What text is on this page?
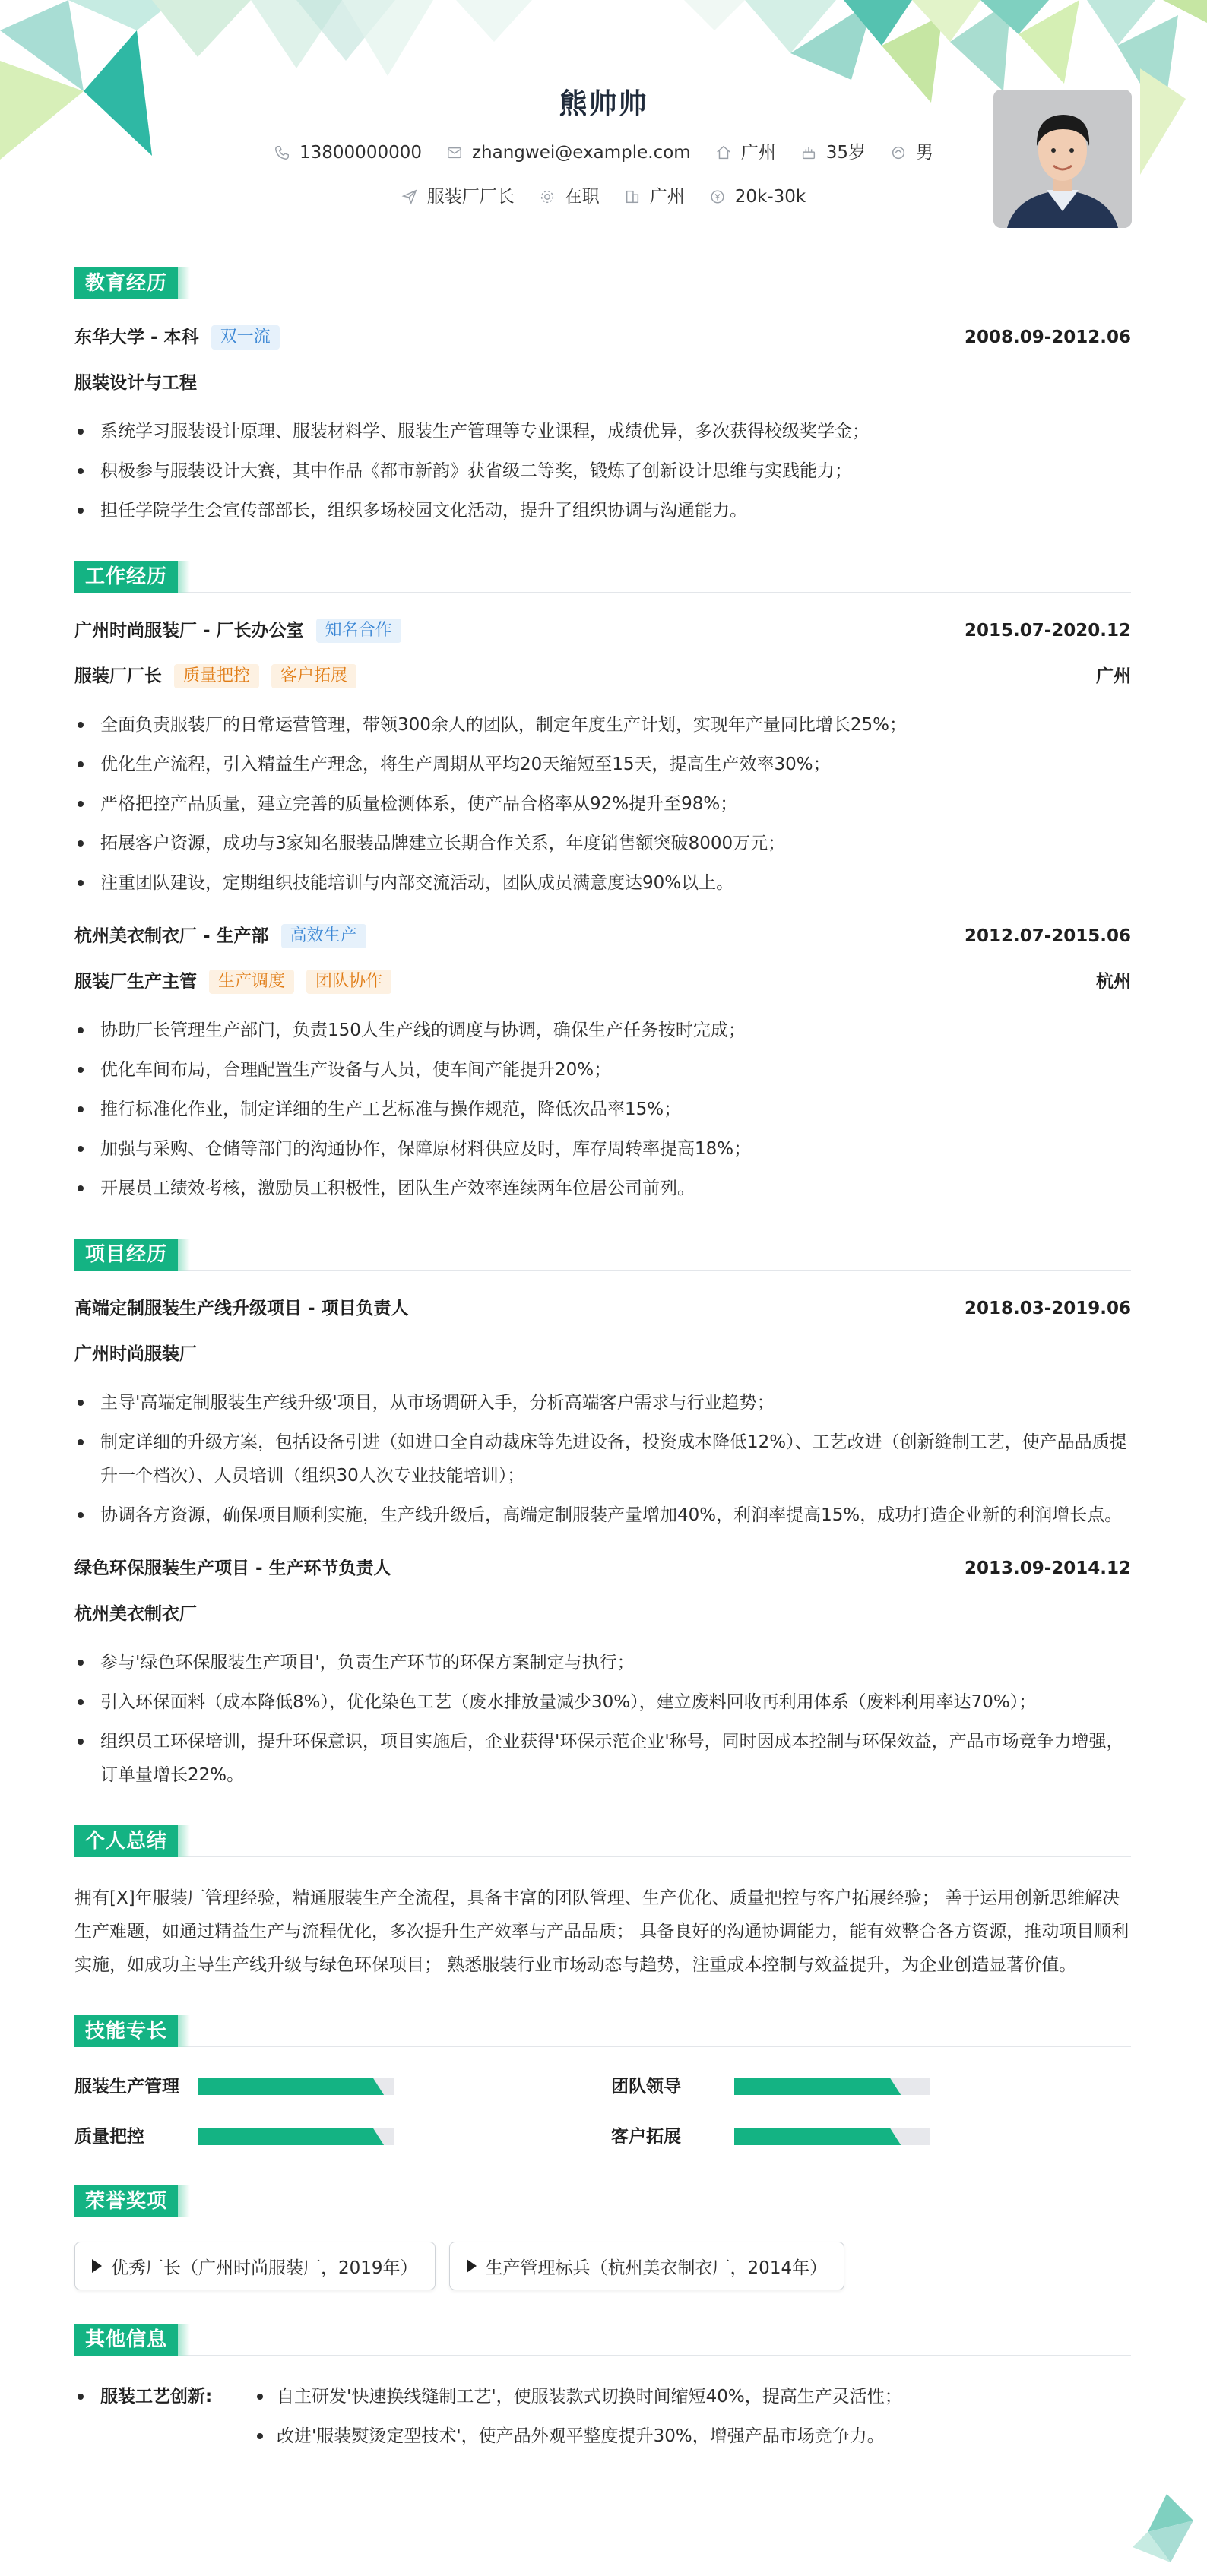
熊帅帅
13800000000	zhangwei@example.com	广州	35岁	男
服装厂厂长	在职	广州	20k-30k
教育经历
东华大学 - 本科	双一流	2008.09-2012.06
服装设计与工程
系统学习服装设计原理、服装材料学、服装生产管理等专业课程，成绩优异，多次获得校级奖学金；
积极参与服装设计大赛，其中作品《都市新韵》获省级二等奖，锻炼了创新设计思维与实践能力；
担任学院学生会宣传部部长，组织多场校园文化活动，提升了组织协调与沟通能力。
工作经历
广州时尚服装厂 - 厂长办公室	知名合作	2015.07-2020.12
服装厂厂长	质量把控	客户拓展	广州
全面负责服装厂的日常运营管理，带领300余人的团队，制定年度生产计划，实现年产量同比增长25%；
优化生产流程，引入精益生产理念，将生产周期从平均20天缩短至15天，提高生产效率30%；
严格把控产品质量，建立完善的质量检测体系，使产品合格率从92%提升至98%；
拓展客户资源，成功与3家知名服装品牌建立长期合作关系，年度销售额突破8000万元；
注重团队建设，定期组织技能培训与内部交流活动，团队成员满意度达90%以上。
杭州美衣制衣厂 - 生产部	高效生产	2012.07-2015.06
服装厂生产主管	生产调度	团队协作	杭州
协助厂长管理生产部门，负责150人生产线的调度与协调，确保生产任务按时完成；
优化车间布局，合理配置生产设备与人员，使车间产能提升20%；
推行标准化作业，制定详细的生产工艺标准与操作规范，降低次品率15%；
加强与采购、仓储等部门的沟通协作，保障原材料供应及时，库存周转率提高18%；
开展员工绩效考核，激励员工积极性，团队生产效率连续两年位居公司前列。
项目经历
高端定制服装生产线升级项目 - 项目负责人	2018.03-2019.06
广州时尚服装厂
主导'高端定制服装生产线升级'项目，从市场调研入手，分析高端客户需求与行业趋势；
制定详细的升级方案，包括设备引进（如进口全自动裁床等先进设备，投资成本降低12%）、工艺改进（创新缝制工艺，使产品品质提升一个档次）、人员培训（组织30人次专业技能培训）；
协调各方资源，确保项目顺利实施，生产线升级后，高端定制服装产量增加40%，利润率提高15%，成功打造企业新的利润增长点。
绿色环保服装生产项目 - 生产环节负责人	2013.09-2014.12
杭州美衣制衣厂
参与'绿色环保服装生产项目'，负责生产环节的环保方案制定与执行；
引入环保面料（成本降低8%），优化染色工艺（废水排放量减少30%），建立废料回收再利用体系（废料利用率达70%）；
组织员工环保培训，提升环保意识，项目实施后，企业获得'环保示范企业'称号，同时因成本控制与环保效益，产品市场竞争力增强，订单量增长22%。
个人总结

拥有[X]年服装厂管理经验，精通服装生产全流程，具备丰富的团队管理、生产优化、质量把控与客户拓展经验； 善于运用创新思维解决生产难题，如通过精益生产与流程优化，多次提升生产效率与产品品质； 具备良好的沟通协调能力，能有效整合各方资源，推动项目顺利实施，如成功主导生产线升级与绿色环保项目； 熟悉服装行业市场动态与趋势，注重成本控制与效益提升，为企业创造显著价值。

技能专长
服装生产管理	团队领导
质量把控	客户拓展
荣誉奖项
优秀厂长（广州时尚服装厂，2019年）	生产管理标兵（杭州美衣制衣厂，2014年）
其他信息
服装工艺创新:	自主研发'快速换线缝制工艺'，使服装款式切换时间缩短40%，提高生产灵活性；
改进'服装熨烫定型技术'，使产品外观平整度提升30%，增强产品市场竞争力。
